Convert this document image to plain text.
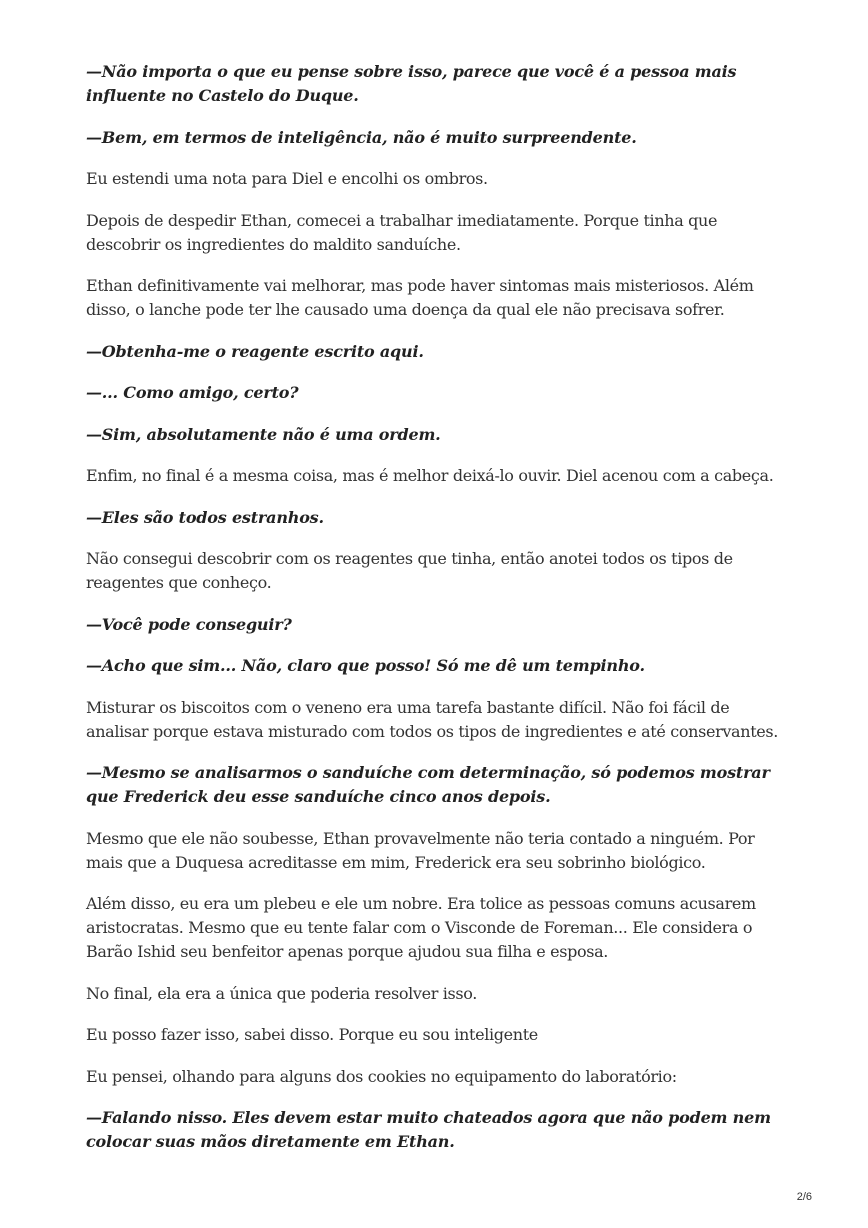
—Não importa o que eu pense sobre isso, parece que você é a pessoa mais influente no Castelo do Duque.

—Bem, em termos de inteligência, não é muito surpreendente.

Eu estendi uma nota para Diel e encolhi os ombros.

Depois de despedir Ethan, comecei a trabalhar imediatamente. Porque tinha que descobrir os ingredientes do maldito sanduíche.

Ethan definitivamente vai melhorar, mas pode haver sintomas mais misteriosos. Além disso, o lanche pode ter lhe causado uma doença da qual ele não precisava sofrer.

—Obtenha-me o reagente escrito aqui.

—... Como amigo, certo?

—Sim, absolutamente não é uma ordem.

Enfim, no final é a mesma coisa, mas é melhor deixá-lo ouvir. Diel acenou com a cabeça.

—Eles são todos estranhos.

Não consegui descobrir com os reagentes que tinha, então anotei todos os tipos de reagentes que conheço.

—Você pode conseguir?

—Acho que sim... Não, claro que posso! Só me dê um tempinho.

Misturar os biscoitos com o veneno era uma tarefa bastante difícil. Não foi fácil de analisar porque estava misturado com todos os tipos de ingredientes e até conservantes.

—Mesmo se analisarmos o sanduíche com determinação, só podemos mostrar que Frederick deu esse sanduíche cinco anos depois.

Mesmo que ele não soubesse, Ethan provavelmente não teria contado a ninguém. Por mais que a Duquesa acreditasse em mim, Frederick era seu sobrinho biológico.

Além disso, eu era um plebeu e ele um nobre. Era tolice as pessoas comuns acusarem aristocratas. Mesmo que eu tente falar com o Visconde de Foreman... Ele considera o Barão Ishid seu benfeitor apenas porque ajudou sua filha e esposa.

No final, ela era a única que poderia resolver isso.

Eu posso fazer isso, sabei disso. Porque eu sou inteligente

Eu pensei, olhando para alguns dos cookies no equipamento do laboratório:

—Falando nisso. Eles devem estar muito chateados agora que não podem nem colocar suas mãos diretamente em Ethan.

2/6
